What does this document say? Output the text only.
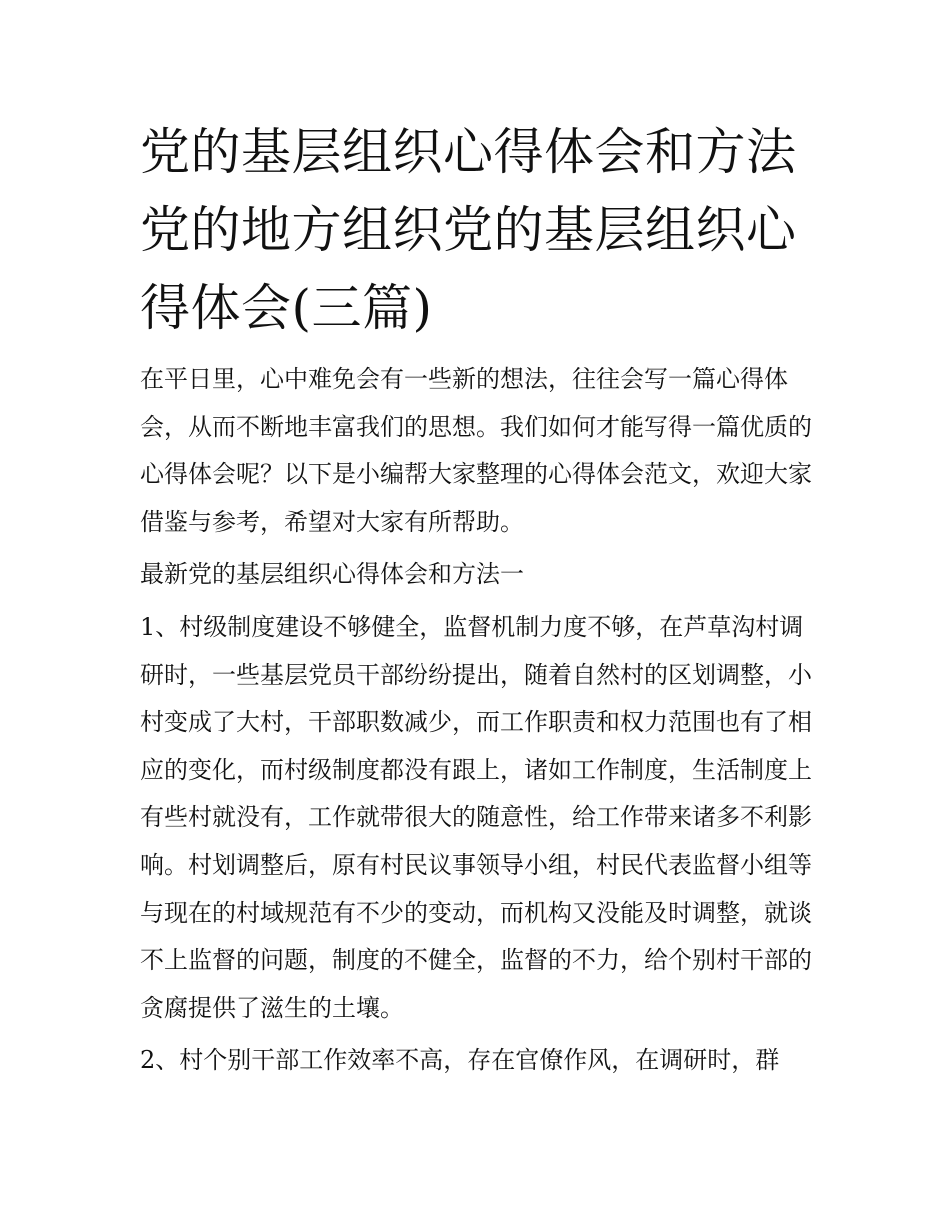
党的基层组织心得体会和方法党的地方组织党的基层组织心得体会(三篇)

在平日里，心中难免会有一些新的想法，往往会写一篇心得体会，从而不断地丰富我们的思想。我们如何才能写得一篇优质的心得体会呢？以下是小编帮大家整理的心得体会范文，欢迎大家借鉴与参考，希望对大家有所帮助。

最新党的基层组织心得体会和方法一

1、村级制度建设不够健全，监督机制力度不够，在芦草沟村调研时，一些基层党员干部纷纷提出，随着自然村的区划调整，小村变成了大村，干部职数减少，而工作职责和权力范围也有了相应的变化，而村级制度都没有跟上，诸如工作制度，生活制度上有些村就没有，工作就带很大的随意性，给工作带来诸多不利影响。村划调整后，原有村民议事领导小组，村民代表监督小组等与现在的村域规范有不少的变动，而机构又没能及时调整，就谈不上监督的问题，制度的不健全，监督的不力，给个别村干部的贪腐提供了滋生的土壤。

2、村个别干部工作效率不高，存在官僚作风，在调研时，群
